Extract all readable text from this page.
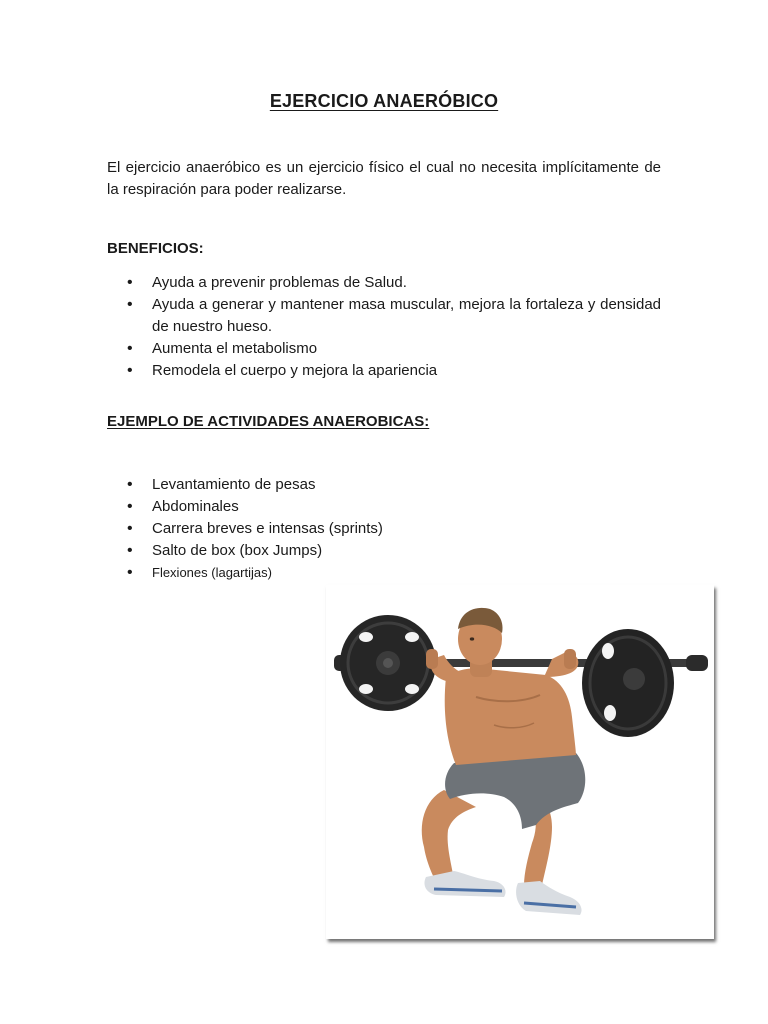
EJERCICIO ANAERÓBICO

El ejercicio anaeróbico es un ejercicio físico el cual no necesita implícitamente de la respiración para poder realizarse.

BENEFICIOS:
• Ayuda a prevenir problemas de Salud.
• Ayuda a generar y mantener masa muscular, mejora la fortaleza y densidad de nuestro hueso.
• Aumenta el metabolismo
• Remodela el cuerpo y mejora la apariencia
EJEMPLO DE ACTIVIDADES ANAEROBICAS:
• Levantamiento de pesas
• Abdominales
• Carrera breves e intensas (sprints)
• Salto de box (box Jumps)
• Flexiones (lagartijas)
